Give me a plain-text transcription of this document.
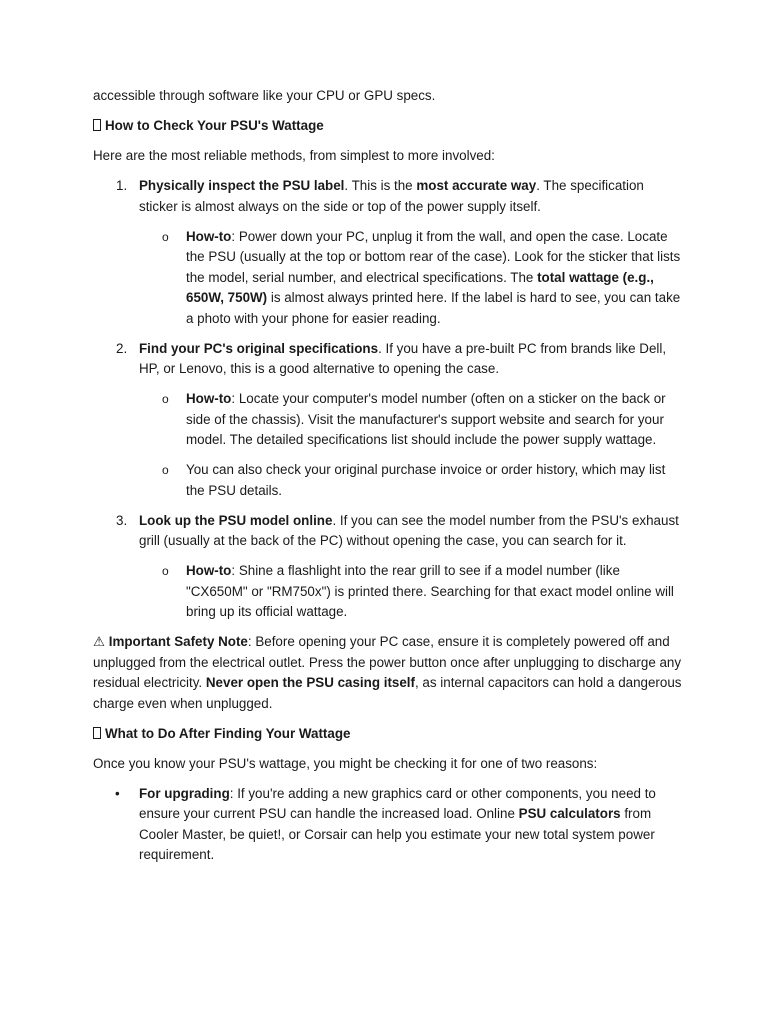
accessible through software like your CPU or GPU specs.

How to Check Your PSU's Wattage

Here are the most reliable methods, from simplest to more involved:

1. Physically inspect the PSU label. This is the most accurate way. The specification sticker is almost always on the side or top of the power supply itself.

o How-to: Power down your PC, unplug it from the wall, and open the case. Locate the PSU (usually at the top or bottom rear of the case). Look for the sticker that lists the model, serial number, and electrical specifications. The total wattage (e.g., 650W, 750W) is almost always printed here. If the label is hard to see, you can take a photo with your phone for easier reading.

2. Find your PC's original specifications. If you have a pre-built PC from brands like Dell, HP, or Lenovo, this is a good alternative to opening the case.

o How-to: Locate your computer's model number (often on a sticker on the back or side of the chassis). Visit the manufacturer's support website and search for your model. The detailed specifications list should include the power supply wattage.

o You can also check your original purchase invoice or order history, which may list the PSU details.

3. Look up the PSU model online. If you can see the model number from the PSU's exhaust grill (usually at the back of the PC) without opening the case, you can search for it.

o How-to: Shine a flashlight into the rear grill to see if a model number (like "CX650M" or "RM750x") is printed there. Searching for that exact model online will bring up its official wattage.

⚠ Important Safety Note: Before opening your PC case, ensure it is completely powered off and unplugged from the electrical outlet. Press the power button once after unplugging to discharge any residual electricity. Never open the PSU casing itself, as internal capacitors can hold a dangerous charge even when unplugged.

What to Do After Finding Your Wattage

Once you know your PSU's wattage, you might be checking it for one of two reasons:

• For upgrading: If you're adding a new graphics card or other components, you need to ensure your current PSU can handle the increased load. Online PSU calculators from Cooler Master, be quiet!, or Corsair can help you estimate your new total system power requirement.
